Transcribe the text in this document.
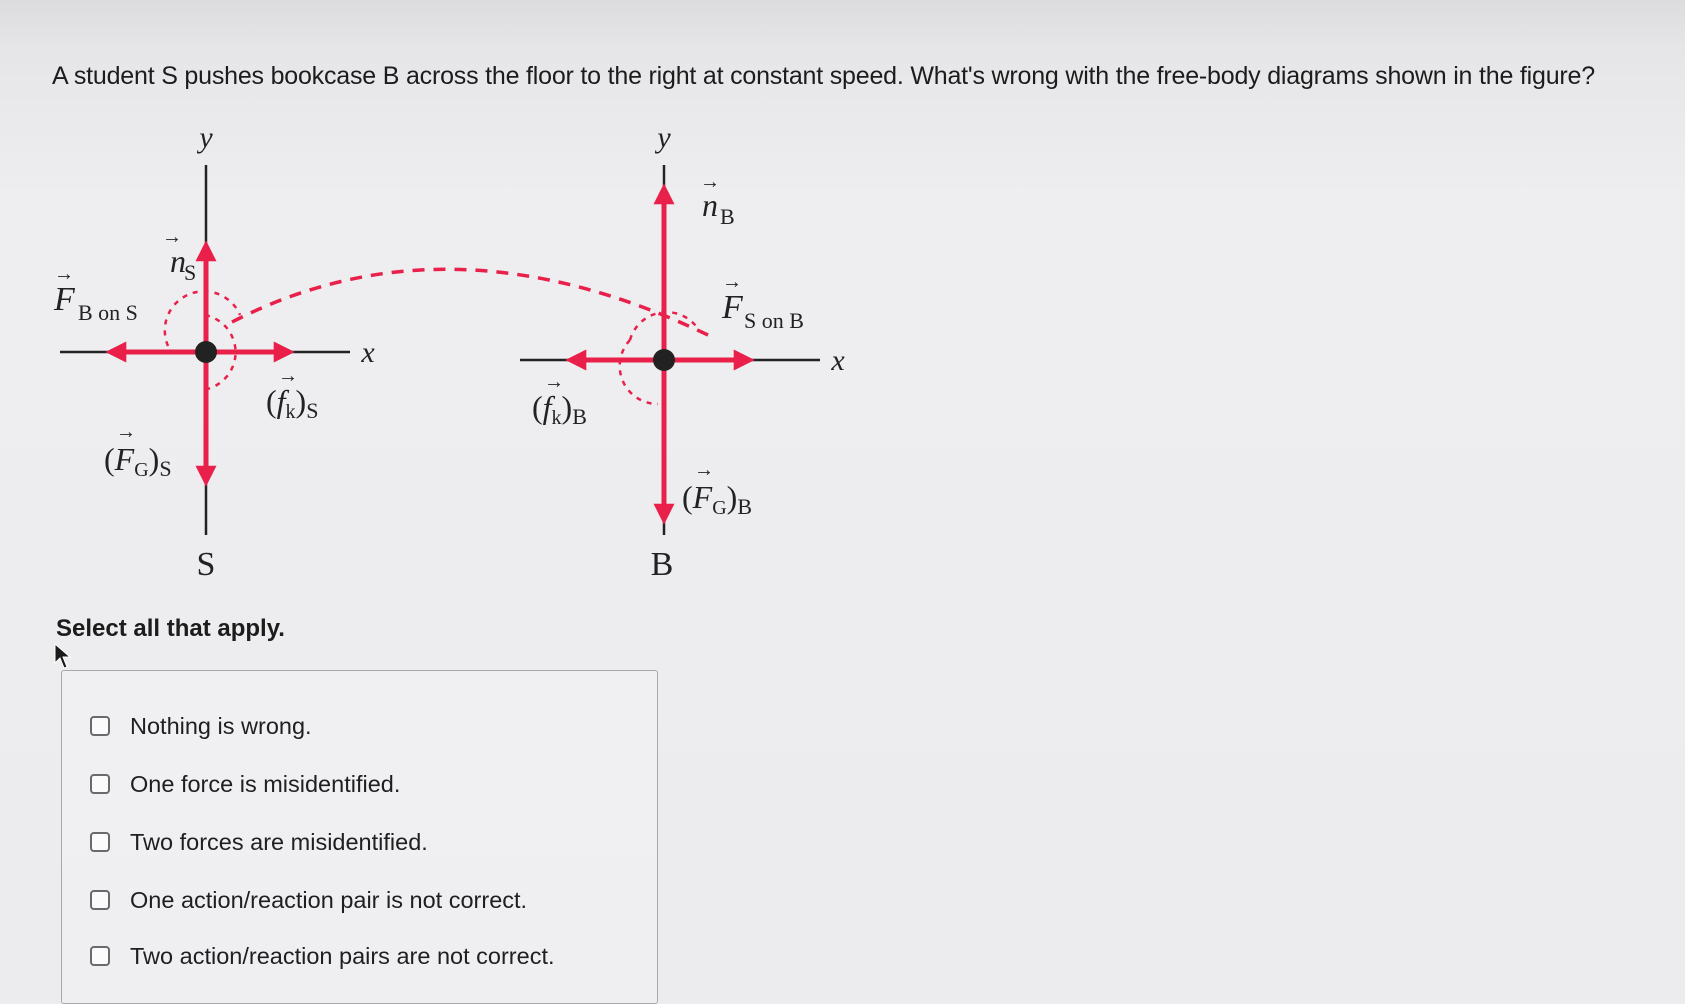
A student S pushes bookcase B across the floor to the right at constant speed. What's wrong with the free-body diagrams shown in the figure?
y
x
n
→
S
F
→
B on S
(fk)S
→
(FG)S
→
S
y
x
n
→
B
F
→
S on B
(fk)B
→
(FG)B
→
B
Select all that apply.
Nothing is wrong.
One force is misidentified.
Two forces are misidentified.
One action/reaction pair is not correct.
Two action/reaction pairs are not correct.
